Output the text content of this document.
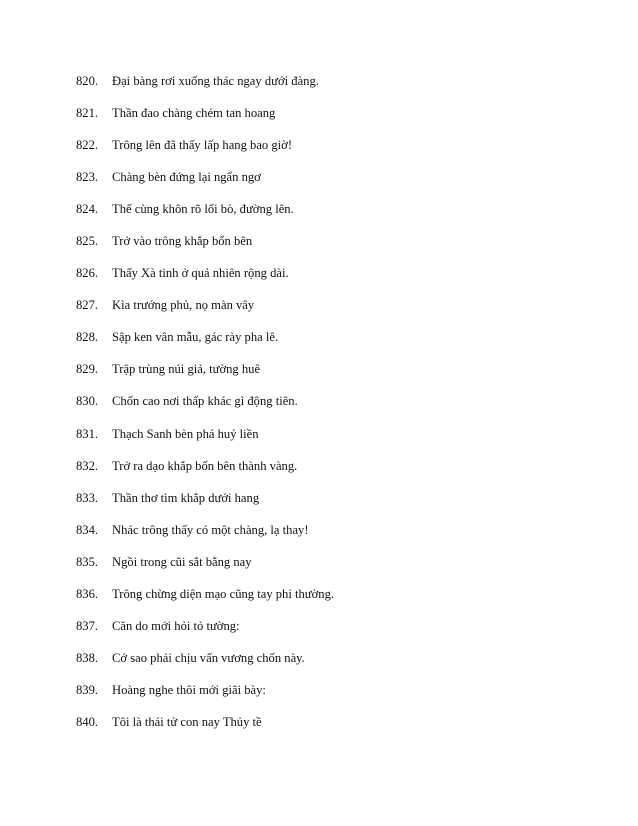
820.	Đại bàng rơi xuống thác ngay dưới đàng.
821.	Thần đao chàng chém tan hoang
822.	Trông lên đã thấy lấp hang bao giờ!
823.	Chàng bèn đứng lại ngẩn ngơ
824.	Thế cùng khôn rõ lối bò, đường lên.
825.	Trở vào trông khắp bốn bên
826.	Thấy Xà tinh ở quả nhiên rộng dài.
827.	Kìa trướng phủ, nọ màn vây
828.	Sập ken vân mẫu, gác rày pha lê.
829.	Trập trùng núi giả, tường huê
830.	Chốn cao nơi thấp khác gì động tiên.
831.	Thạch Sanh bèn phá huỷ liền
832.	Trở ra dạo khắp bốn bên thành vàng.
833.	Thần thơ tìm khắp dưới hang
834.	Nhác trông thấy có một chàng, lạ thay!
835.	Ngồi trong cũi sắt bằng nay
836.	Trông chừng diện mạo cũng tay phi thường.
837.	Căn do mới hỏi tỏ tường:
838.	Cớ sao phải chịu vấn vương chốn này.
839.	Hoàng nghe thôi mới giãi bày:
840.	Tôi là thái tử con nay Thủy tề
